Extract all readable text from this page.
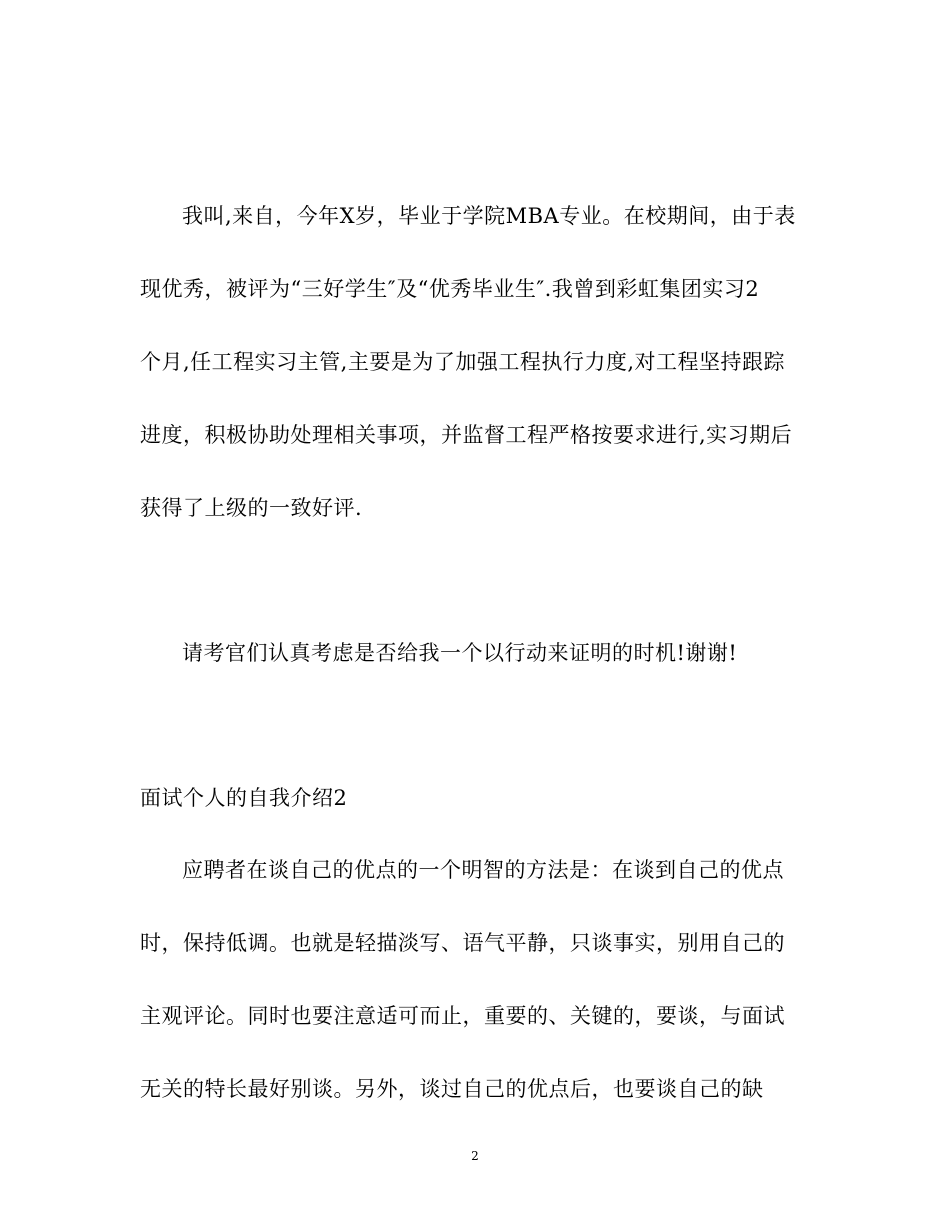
我叫,来自，今年X岁，毕业于学院MBA专业。在校期间，由于表
现优秀，被评为“三好学生″及“优秀毕业生″.我曾到彩虹集团实习2
个月,任工程实习主管,主要是为了加强工程执行力度,对工程坚持跟踪
进度，积极协助处理相关事项，并监督工程严格按要求进行,实习期后
获得了上级的一致好评.
请考官们认真考虑是否给我一个以行动来证明的时机!谢谢!
面试个人的自我介绍2
应聘者在谈自己的优点的一个明智的方法是：在谈到自己的优点
时，保持低调。也就是轻描淡写、语气平静，只谈事实，别用自己的
主观评论。同时也要注意适可而止，重要的、关键的，要谈，与面试
无关的特长最好别谈。另外，谈过自己的优点后，也要谈自己的缺
2
